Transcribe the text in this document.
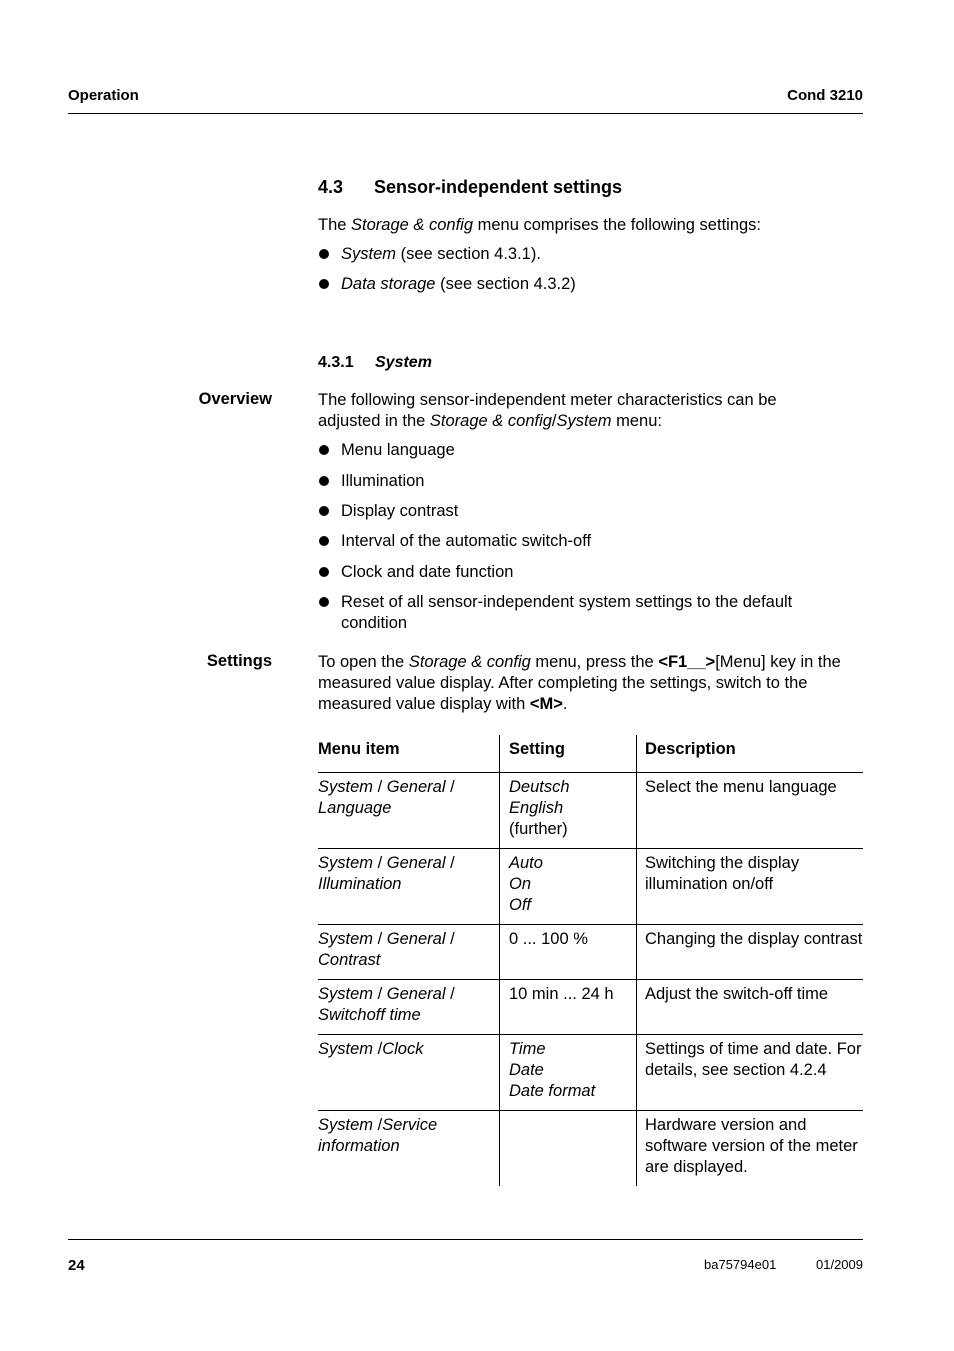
Operation	Cond 3210
4.3 Sensor-independent settings
The Storage & config menu comprises the following settings:
System (see section 4.3.1).
Data storage (see section 4.3.2)
4.3.1 System
Overview	The following sensor-independent meter characteristics can be
adjusted in the Storage & config/System menu:
Menu language
Illumination
Display contrast
Interval of the automatic switch-off
Clock and date function
Reset of all sensor-independent system settings to the default condition
Settings	To open the Storage & config menu, press the <F1__>[Menu] key in the measured value display. After completing the settings, switch to the measured value display with <M>.
Menu item	Setting	Description
System / General /
Language	Deutsch
English
(further)	Select the menu language
System / General /
Illumination	Auto
On
Off	Switching the display illumination on/off
System / General /
Contrast	0 ... 100 %	Changing the display contrast
System / General /
Switchoff time	10 min ... 24 h	Adjust the switch-off time
System /Clock	Time
Date
Date format	Settings of time and date. For details, see section 4.2.4
System /Service information		Hardware version and software version of the meter are displayed.
24	ba75794e01	01/2009
